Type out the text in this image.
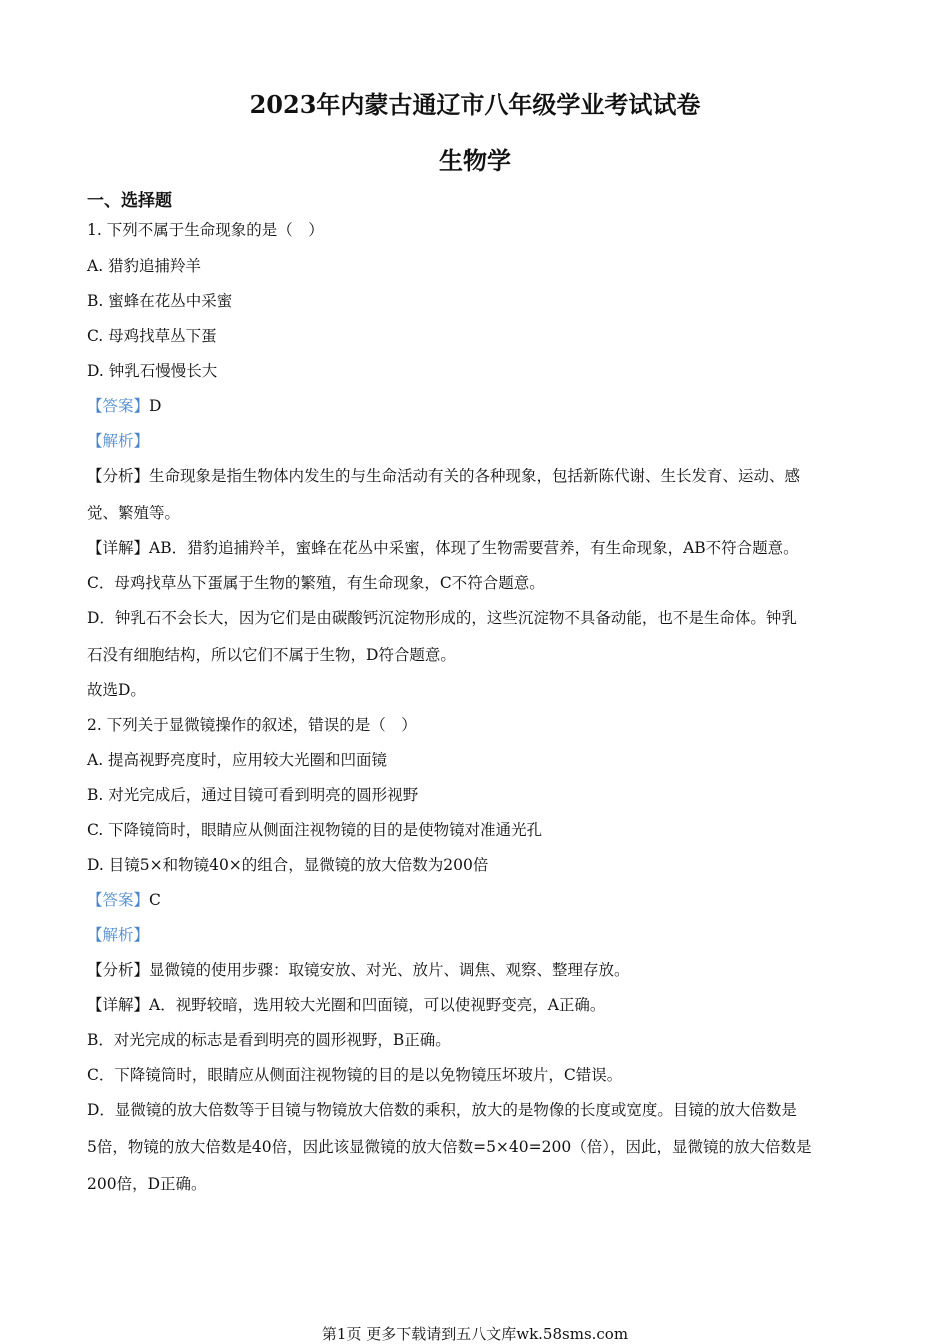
2023年内蒙古通辽市八年级学业考试试卷
生物学
一、选择题
1. 下列不属于生命现象的是（　）
A. 猎豹追捕羚羊
B. 蜜蜂在花丛中采蜜
C. 母鸡找草丛下蛋
D. 钟乳石慢慢长大
【答案】D
【解析】
【分析】生命现象是指生物体内发生的与生命活动有关的各种现象，包括新陈代谢、生长发育、运动、感
觉、繁殖等。
【详解】AB．猎豹追捕羚羊，蜜蜂在花丛中采蜜，体现了生物需要营养，有生命现象，AB不符合题意。
C．母鸡找草丛下蛋属于生物的繁殖，有生命现象，C不符合题意。
D．钟乳石不会长大，因为它们是由碳酸钙沉淀物形成的，这些沉淀物不具备动能，也不是生命体。钟乳
石没有细胞结构，所以它们不属于生物，D符合题意。
故选D。
2. 下列关于显微镜操作的叙述，错误的是（　）
A. 提高视野亮度时，应用较大光圈和凹面镜
B. 对光完成后，通过目镜可看到明亮的圆形视野
C. 下降镜筒时，眼睛应从侧面注视物镜的目的是使物镜对准通光孔
D. 目镜5×和物镜40×的组合，显微镜的放大倍数为200倍
【答案】C
【解析】
【分析】显微镜的使用步骤：取镜安放、对光、放片、调焦、观察、整理存放。
【详解】A．视野较暗，选用较大光圈和凹面镜，可以使视野变亮，A正确。
B．对光完成的标志是看到明亮的圆形视野，B正确。
C．下降镜筒时，眼睛应从侧面注视物镜的目的是以免物镜压坏玻片，C错误。
D．显微镜的放大倍数等于目镜与物镜放大倍数的乘积，放大的是物像的长度或宽度。目镜的放大倍数是
5倍，物镜的放大倍数是40倍，因此该显微镜的放大倍数=5×40=200（倍），因此，显微镜的放大倍数是
200倍，D正确。
第1页 更多下载请到五八文库wk.58sms.com
